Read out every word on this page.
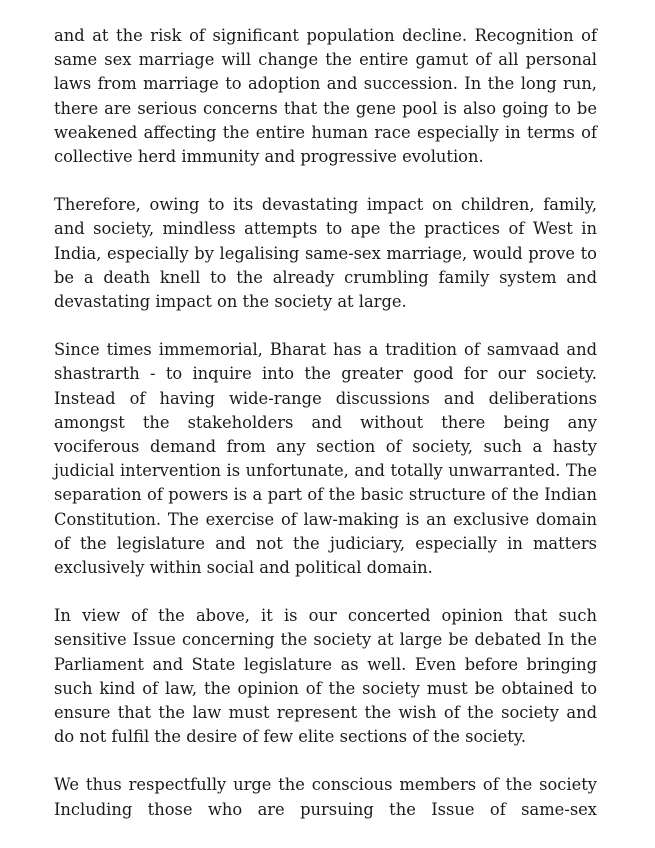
and at the risk of significant population decline. Recognition of same sex marriage will change the entire gamut of all personal laws from marriage to adoption and succession. In the long run, there are serious concerns that the gene pool is also going to be weakened affecting the entire human race especially in terms of collective herd immunity and progressive evolution.

Therefore, owing to its devastating impact on children, family, and society, mindless attempts to ape the practices of West in India, especially by legalising same-sex marriage, would prove to be a death knell to the already crumbling family system and devastating impact on the society at large.

Since times immemorial, Bharat has a tradition of samvaad and shastrarth - to inquire into the greater good for our society. Instead of having wide-range discussions and deliberations amongst the stakeholders and without there being any vociferous demand from any section of society, such a hasty judicial intervention is unfortunate, and totally unwarranted. The separation of powers is a part of the basic structure of the Indian Constitution. The exercise of law-making is an exclusive domain of the legislature and not the judiciary, especially in matters exclusively within social and political domain.

In view of the above, it is our concerted opinion that such sensitive Issue concerning the society at large be debated In the Parliament and State legislature as well. Even before bringing such kind of law, the opinion of the society must be obtained to ensure that the law must represent the wish of the society and do not fulfil the desire of few elite sections of the society.

We thus respectfully urge the conscious members of the society Including those who are pursuing the Issue of same-sex
